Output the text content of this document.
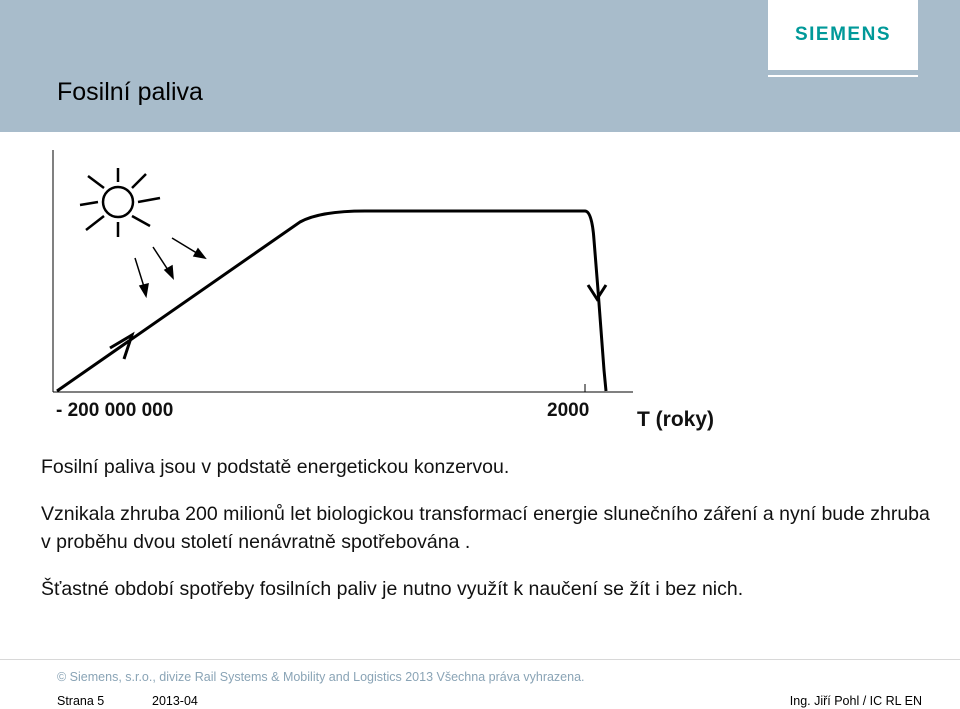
SIEMENS
Fosilní paliva
- 200 000 000	2000 T (roky)
Fosilní paliva jsou v podstatě energetickou konzervou.
Vznikala zhruba 200 milionů let biologickou transformací energie slunečního záření a nyní bude zhruba v proběhu dvou století nenávratně spotřebována .
Šťastné období spotřeby fosilních paliv je nutno využít k naučení se žít i bez nich.
© Siemens, s.r.o., divize Rail Systems & Mobility and Logistics 2013 Všechna práva vyhrazena.
Strana 5	2013-04	Ing. Jiří Pohl / IC RL EN
